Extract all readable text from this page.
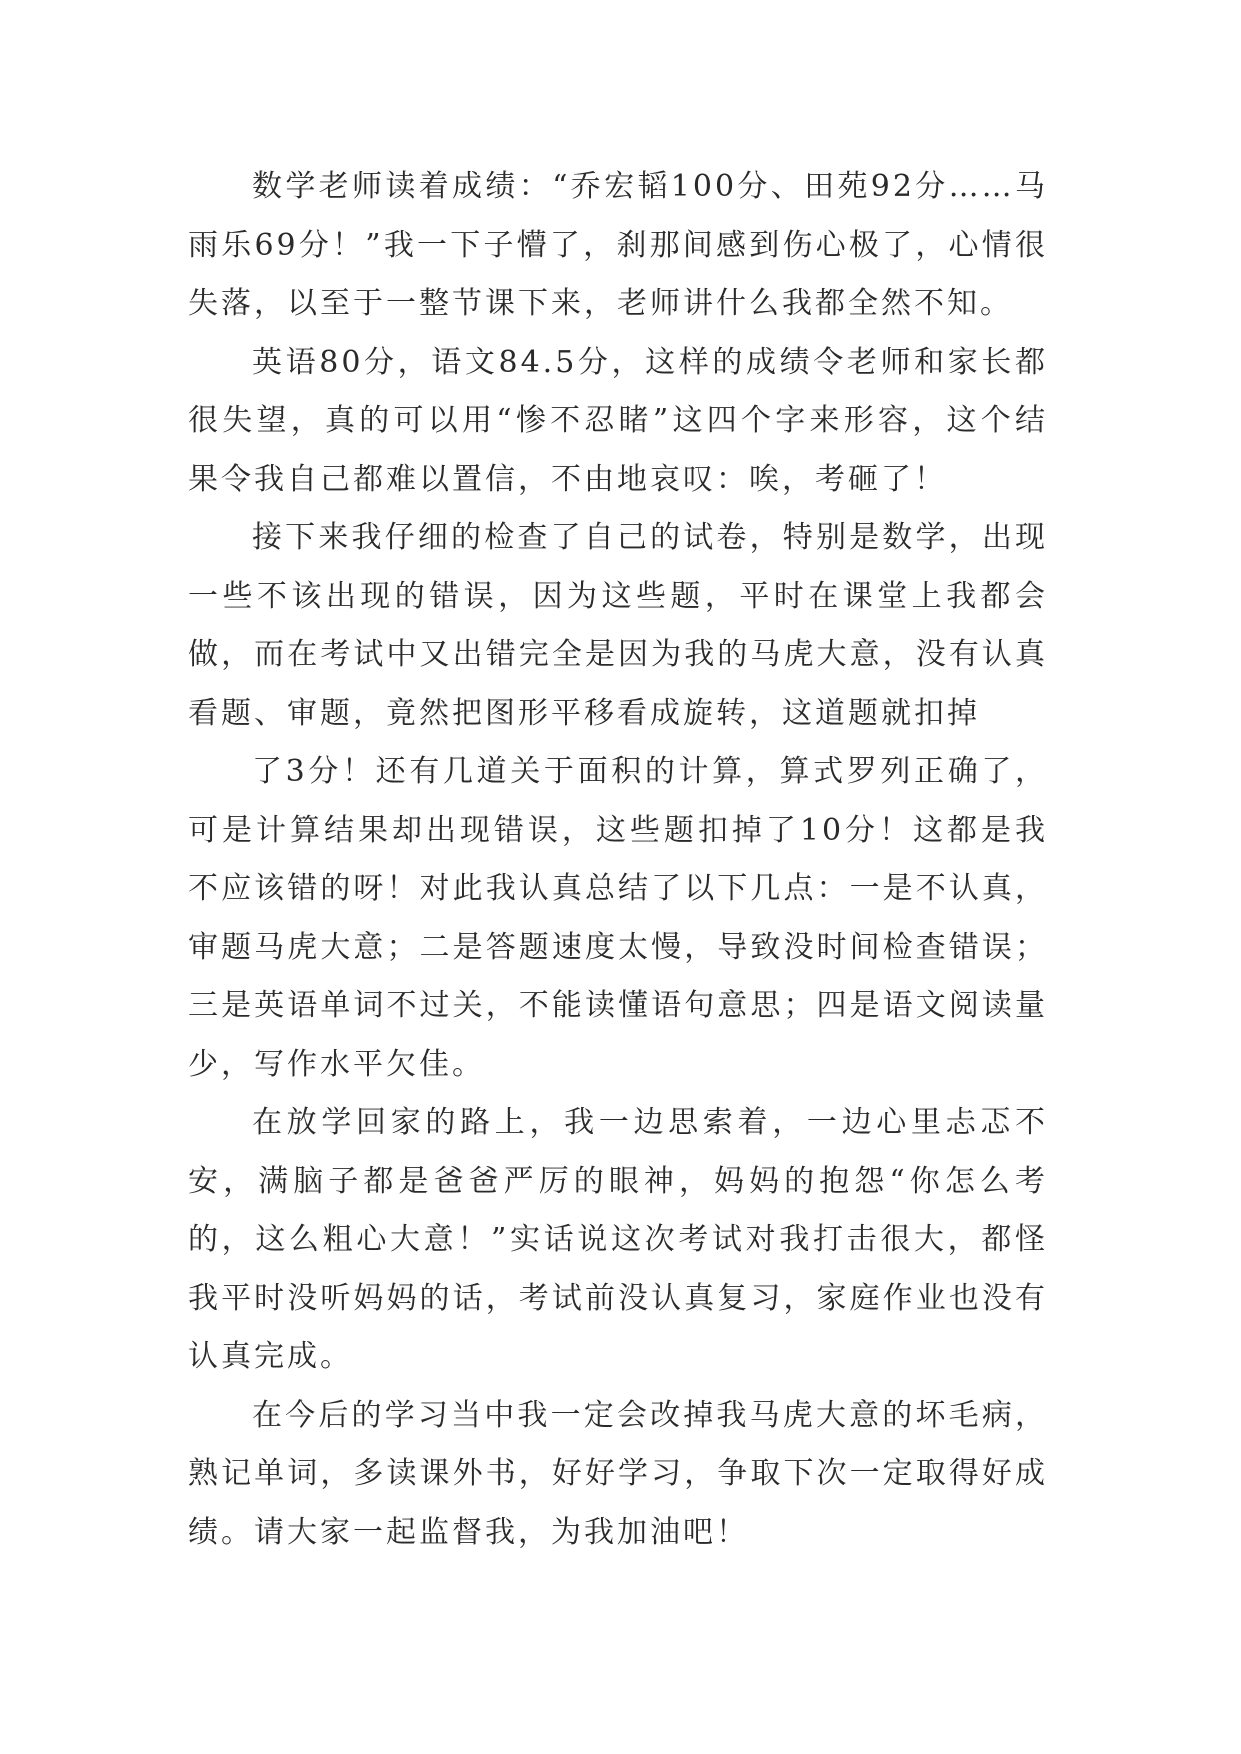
数学老师读着成绩：“乔宏韬100分、田苑92分……马雨乐69分！”我一下子懵了，刹那间感到伤心极了，心情很失落，以至于一整节课下来，老师讲什么我都全然不知。

英语80分，语文84.5分，这样的成绩令老师和家长都很失望，真的可以用“惨不忍睹”这四个字来形容，这个结果令我自己都难以置信，不由地哀叹：唉，考砸了！

接下来我仔细的检查了自己的试卷，特别是数学，出现一些不该出现的错误，因为这些题，平时在课堂上我都会做，而在考试中又出错完全是因为我的马虎大意，没有认真看题、审题，竟然把图形平移看成旋转，这道题就扣掉

了3分！还有几道关于面积的计算，算式罗列正确了，可是计算结果却出现错误，这些题扣掉了10分！这都是我不应该错的呀！对此我认真总结了以下几点：一是不认真，审题马虎大意；二是答题速度太慢，导致没时间检查错误；三是英语单词不过关，不能读懂语句意思；四是语文阅读量少，写作水平欠佳。

在放学回家的路上，我一边思索着，一边心里忐忑不安，满脑子都是爸爸严厉的眼神，妈妈的抱怨“你怎么考的，这么粗心大意！”实话说这次考试对我打击很大，都怪我平时没听妈妈的话，考试前没认真复习，家庭作业也没有认真完成。

在今后的学习当中我一定会改掉我马虎大意的坏毛病，熟记单词，多读课外书，好好学习，争取下次一定取得好成绩。请大家一起监督我，为我加油吧！
